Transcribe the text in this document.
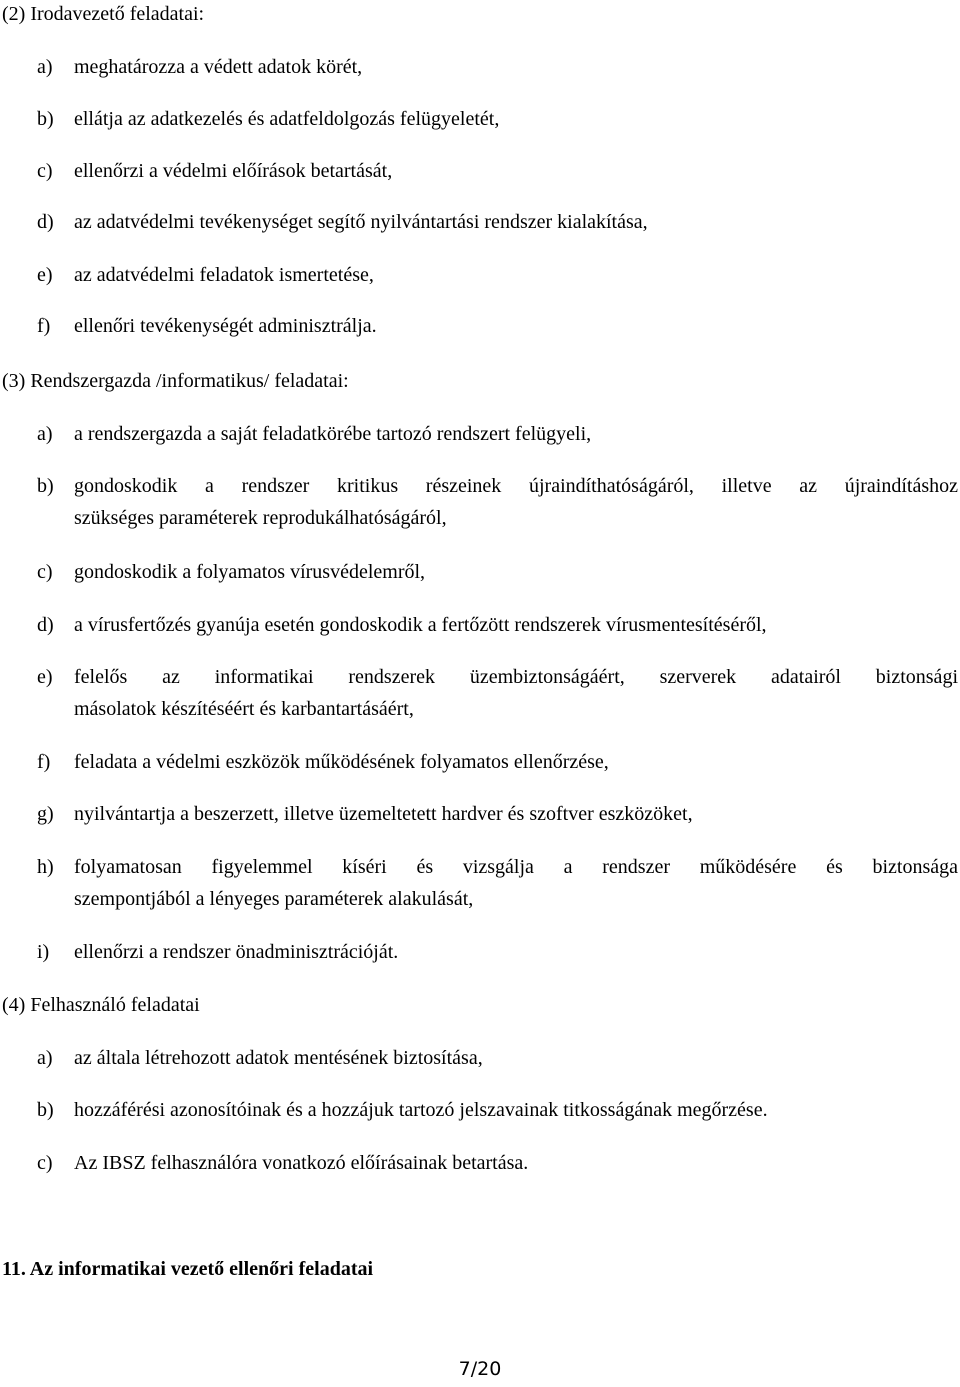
(2) Irodavezető feladatai:
a) meghatározza a védett adatok körét,
b) ellátja az adatkezelés és adatfeldolgozás felügyeletét,
c) ellenőrzi a védelmi előírások betartását,
d) az adatvédelmi tevékenységet segítő nyilvántartási rendszer kialakítása,
e) az adatvédelmi feladatok ismertetése,
f) ellenőri tevékenységét adminisztrálja.
(3) Rendszergazda /informatikus/ feladatai:
a) a rendszergazda a saját feladatkörébe tartozó rendszert felügyeli,
b) gondoskodik a rendszer kritikus részeinek újraindíthatóságáról, illetve az újraindításhoz
szükséges paraméterek reprodukálhatóságáról,
c) gondoskodik a folyamatos vírusvédelemről,
d) a vírusfertőzés gyanúja esetén gondoskodik a fertőzött rendszerek vírusmentesítéséről,
e) felelős az informatikai rendszerek üzembiztonságáért, szerverek adatairól biztonsági
másolatok készítéséért és karbantartásáért,
f) feladata a védelmi eszközök működésének folyamatos ellenőrzése,
g) nyilvántartja a beszerzett, illetve üzemeltetett hardver és szoftver eszközöket,
h) folyamatosan figyelemmel kíséri és vizsgálja a rendszer működésére és biztonsága
szempontjából a lényeges paraméterek alakulását,
i) ellenőrzi a rendszer önadminisztrációját.
(4) Felhasználó feladatai
a) az általa létrehozott adatok mentésének biztosítása,
b) hozzáférési azonosítóinak és a hozzájuk tartozó jelszavainak titkosságának megőrzése.
c) Az IBSZ felhasználóra vonatkozó előírásainak betartása.
11. Az informatikai vezető ellenőri feladatai
7/20
